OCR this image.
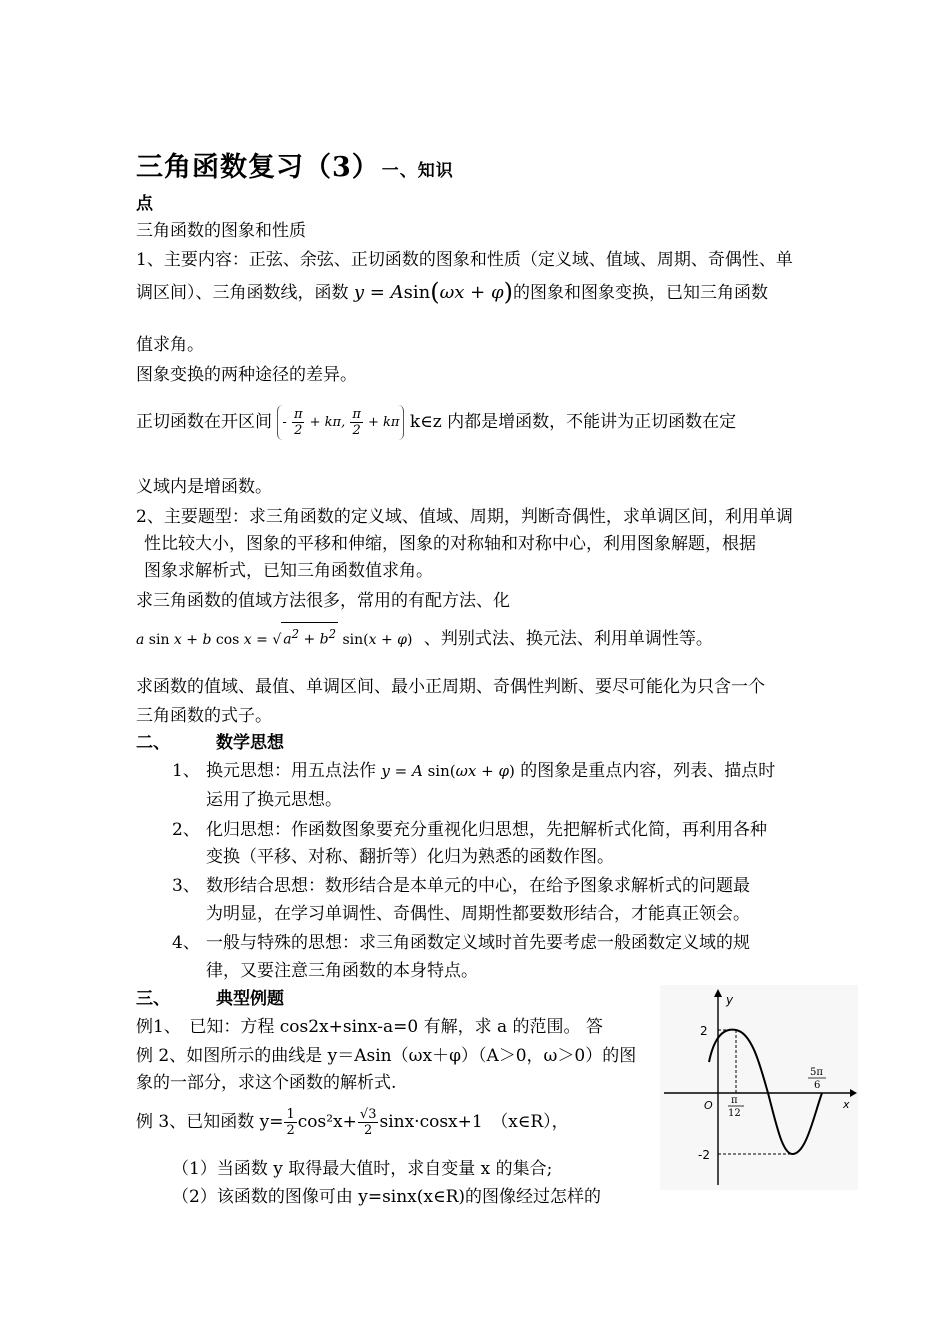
三角函数复习（3） 一、知识
点
三角函数的图象和性质
1、主要内容：正弦、余弦、正切函数的图象和性质（定义域、值域、周期、奇偶性、单
调区间）、三角函数线，函数 y = Asin(ωx + φ)的图象和图象变换，已知三角函数
值求角。
图象变换的两种途径的差异。
正切函数在开区间 - $\frac{\pi}{2} + k\pi$, $\frac{\pi}{2} + k\pi$ k∈z 内都是增函数，不能讲为正切函数在定
义域内是增函数。
2、主要题型：求三角函数的定义域、值域、周期，判断奇偶性，求单调区间，利用单调
性比较大小，图象的平移和伸缩，图象的对称轴和对称中心，利用图象解题，根据
图象求解析式，已知三角函数值求角。
求三角函数的值域方法很多，常用的有配方法、化
a sin x + b cos x = √ $a^2 + b^2$ sin(x + φ) 、判别式法、换元法、利用单调性等。
求函数的值域、最值、单调区间、最小正周期、奇偶性判断、要尽可能化为只含一个
三角函数的式子。
二、	数学思想
1、 换元思想：用五点法作 y = A sin(ωx + φ) 的图象是重点内容，列表、描点时
运用了换元思想。
2、 化归思想：作函数图象要充分重视化归思想，先把解析式化简，再利用各种
变换（平移、对称、翻折等）化归为熟悉的函数作图。
3、 数形结合思想：数形结合是本单元的中心，在给予图象求解析式的问题最
为明显，在学习单调性、奇偶性、周期性都要数形结合，才能真正领会。
4、 一般与特殊的思想：求三角函数定义域时首先要考虑一般函数定义域的规
律，又要注意三角函数的本身特点。
三、	典型例题
例1、　已知：方程 cos2x+sinx-a=0 有解，求 a 的范围。 答
例 2、如图所示的曲线是 y＝Asin（ωx＋φ）（A＞0，ω＞0）的图
象的一部分，求这个函数的解析式.
例 3、已知函数 $y= \frac{1}{2} \cos^2x+ \frac{√3}{2} \sin x\cdot\cos x+1$　（x∈R），
（1）当函数 y 取得最大值时，求自变量 x 的集合;
（2）该函数的图像可由 y=sinx(x∈R)的图像经过怎样的
y
x
O
2
-2
π
12
5π
6
